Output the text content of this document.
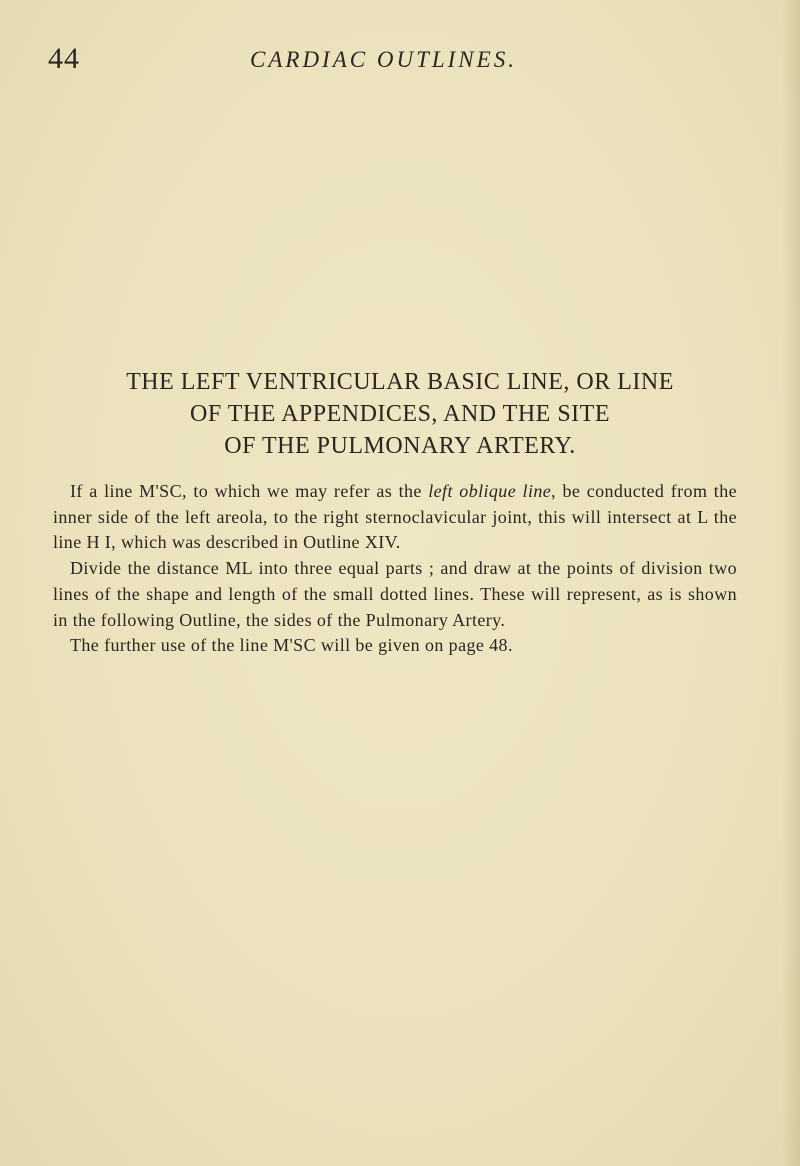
44	CARDIAC OUTLINES.
THE LEFT VENTRICULAR BASIC LINE, OR LINE
OF THE APPENDICES, AND THE SITE
OF THE PULMONARY ARTERY.

If a line M'SC, to which we may refer as the left oblique line, be conducted from the inner side of the left areola, to the right sternoclavicular joint, this will intersect at L the line H I, which was described in Outline XIV.

Divide the distance ML into three equal parts ; and draw at the points of division two lines of the shape and length of the small dotted lines. These will represent, as is shown in the following Outline, the sides of the Pulmonary Artery.

The further use of the line M'SC will be given on page 48.
